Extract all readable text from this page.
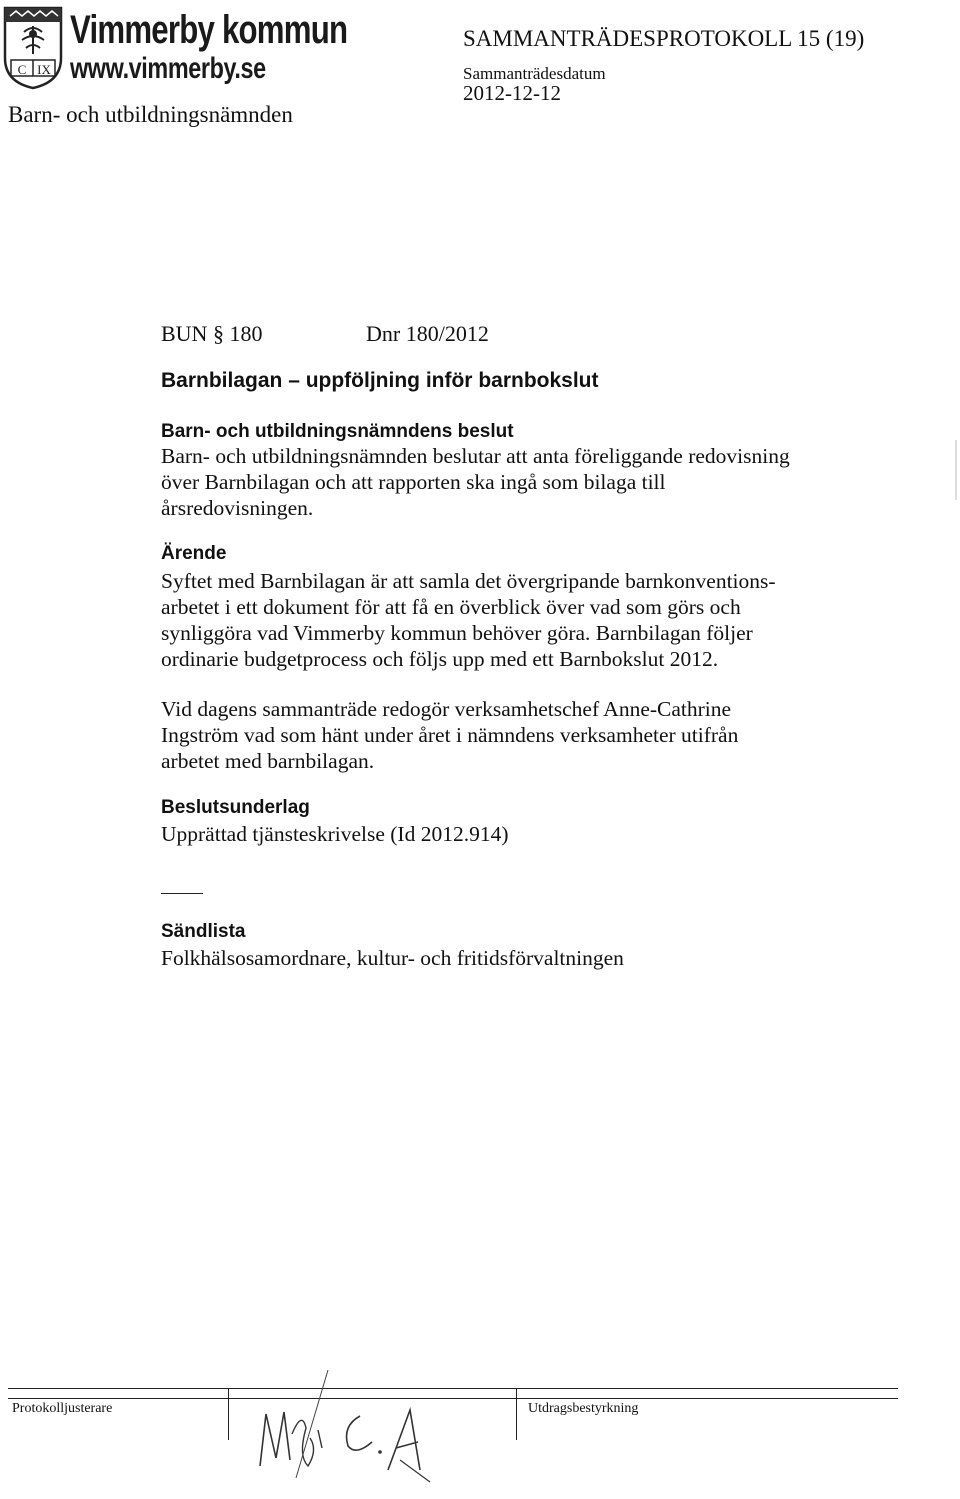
C IX
Vimmerby kommun
www.vimmerby.se
Barn- och utbildningsnämnden
SAMMANTRÄDESPROTOKOLL 15 (19)
Sammanträdesdatum
2012-12-12
BUN § 180	Dnr 180/2012
Barnbilagan – uppföljning inför barnbokslut
Barn- och utbildningsnämndens beslut
Barn- och utbildningsnämnden beslutar att anta föreliggande redovisning
över Barnbilagan och att rapporten ska ingå som bilaga till
årsredovisningen.
Ärende
Syftet med Barnbilagan är att samla det övergripande barnkonventions-
arbetet i ett dokument för att få en överblick över vad som görs och
synliggöra vad Vimmerby kommun behöver göra. Barnbilagan följer
ordinarie budgetprocess och följs upp med ett Barnbokslut 2012.
Vid dagens sammanträde redogör verksamhetschef Anne-Cathrine
Ingström vad som hänt under året i nämndens verksamheter utifrån
arbetet med barnbilagan.
Beslutsunderlag
Upprättad tjänsteskrivelse (Id 2012.914)
Sändlista
Folkhälsosamordnare, kultur- och fritidsförvaltningen
Protokolljusterare	Utdragsbestyrkning
